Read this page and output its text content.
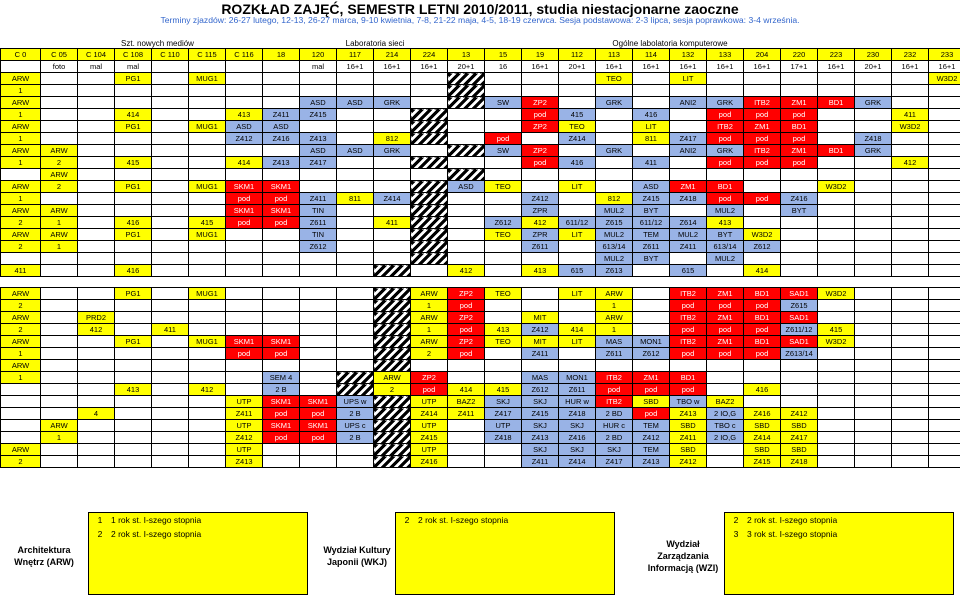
ROZKŁAD ZAJĘĆ, SEMESTR LETNI 2010/2011, studia niestacjonarne zaoczne
Terminy zjazdów: 26-27 lutego, 12-13, 26-27 marca, 9-10 kwietnia, 7-8, 21-22 maja, 4-5, 18-19 czerwca. Sesja podstawowa: 2-3 lipca, sesja poprawkowa: 3-4 września.
Szt. nowych mediów	Laboratoria sieci	Ogólne labolatoria komputerowe
C 0	C 05	C 104	C 108	C 110	C 115	C 116	18	120	117	214	224	13	15	19	112	113	114	132	133	204	220	223	230	232	233
	foto	mal	mal					mal	16+1	16+1	16+1	20+1	16	16+1	20+1	16+1	16+1	16+1	16+1	16+1	17+1	16+1	20+1	16+1	16+1
ARW			PG1		MUG1											TEO		LIT							W3D2
1																									
ARW								ASD	ASD	GRK			SW	ZP2		GRK		ANI2	GRK	ITB2	ZM1	BD1	GRK		
1			414			413	Z411	Z415						pod	415		416		pod	pod	pod			411	
ARW			PG1		MUG1	ASD	ASD							ZP2	TEO		LIT		ITB2	ZM1	BD1			W3D2	
1						Z412	Z416	Z413		812			pod		Z414		811	Z417	pod	pod	pod		Z418		
ARW	ARW							ASD	ASD	GRK			SW	ZP2		GRK		ANI2	GRK	ITB2	ZM1	BD1	GRK		
1	2		415			414	Z413	Z417						pod	416		411		pod	pod	pod			412	
	ARW																								
ARW	2		PG1		MUG1	SKM1	SKM1					ASD	TEO		LIT		ASD	ZM1	BD1			W3D2			
1						pod	pod	Z411	811	Z414				Z412		812	Z415	Z418	pod	pod	Z416				
ARW	ARW					SKM1	SKM1	TIN						ZPR		MUL2	BYT		MUL2		BYT				
2	1		416		415	pod	pod	Z611		411			Z612	412	611/12	Z615	611/12	Z614	413						
ARW	ARW		PG1		MUG1			TIN					TEO	ZPR	LIT	MUL2	TEM	MUL2	BYT	W3D2					
2	1							Z612						Z611		613/14	Z611	Z411	613/14	Z612					
																MUL2	BYT		MUL2						
411			416									412		413	615	Z613		615		414					

ARW			PG1		MUG1						ARW	ZP2	TEO		LIT	ARW		ITB2	ZM1	BD1	SAD1	W3D2			
2											1	pod				1		pod	pod	pod	Z615				
ARW		PRD2									ARW	ZP2		MIT		ARW		ITB2	ZM1	BD1	SAD1				
2		412		411							1	pod	413	Z412	414	1		pod	pod	pod	Z611/12	415			
ARW			PG1		MUG1	SKM1	SKM1				ARW	ZP2	TEO	MIT	LIT	MAS	MON1	ITB2	ZM1	BD1	SAD1	W3D2			
1						pod	pod				2	pod		Z411		Z611	Z612	pod	pod	pod	Z613/14				
ARW																									
1							SEM 4			ARW	ZP2			MAS	MON1	ITB2	ZM1	BD1							
			413		412		2 B			2	pod	414	415	Z612	Z611	pod	pod	pod		416					
						UTP	SKM1	SKM1	UPS w		UTP	BAZ2	SKJ	SKJ	HUR w	ITB2	SBD	TBO w	BAZ2						
		4				Z411	pod	pod	2 B		Z414	Z411	Z417	Z415	Z418	2 BD	pod	Z413	2 IO,G	Z416	Z412				
	ARW					UTP	SKM1	SKM1	UPS c		UTP		UTP	SKJ	SKJ	HUR c	TEM	SBD	TBO c	SBD	SBD				
	1					Z412	pod	pod	2 B		Z415		Z418	Z413	Z416	2 BD	Z412	Z411	2 IO,G	Z414	Z417				
ARW						UTP					UTP			SKJ	SKJ	SKJ	TEM	SBD		SBD	SBD				
2						Z413					Z416			Z411	Z414	Z417	Z413	Z412		Z415	Z418				
1 1 rok st. I-szego stopnia
2 2 rok st. I-szego stopnia
Architektura
Wnętrz (ARW)
2 2 rok st. I-szego stopnia
Wydział Kultury
Japonii (WKJ)
2 2 rok st. I-szego stopnia
3 3 rok st. I-szego stopnia
Wydział
Zarządzania
Informacją (WZI)
